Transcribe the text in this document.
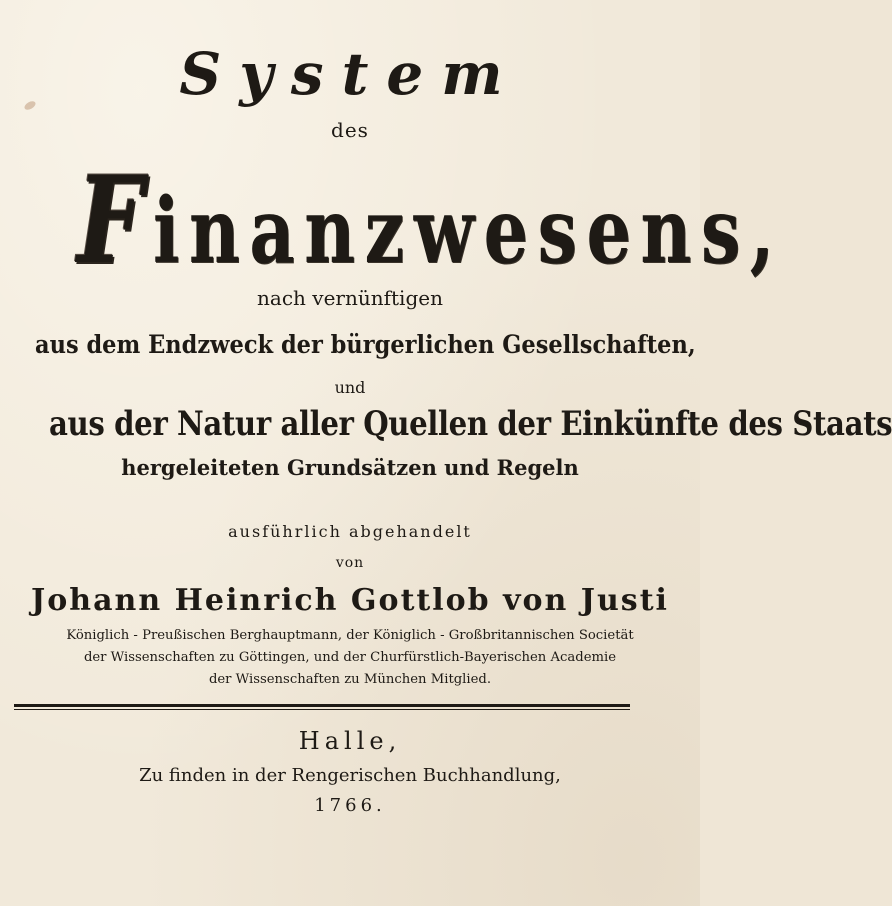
System
des
Finanzwesens,
nach vernünftigen
aus dem Endzweck der bürgerlichen Gesellschaften,
und
aus der Natur aller Quellen der Einkünfte des Staats
hergeleiteten Grundsätzen und Regeln
ausführlich abgehandelt
von
Johann Heinrich Gottlob von Justi
Königlich - Preußischen Berghauptmann, der Königlich - Großbritannischen Societät
der Wissenschaften zu Göttingen, und der Churfürstlich-Bayerischen Academie
der Wissenschaften zu München Mitglied.
Halle,
Zu finden in der Rengerischen Buchhandlung,
1766.
